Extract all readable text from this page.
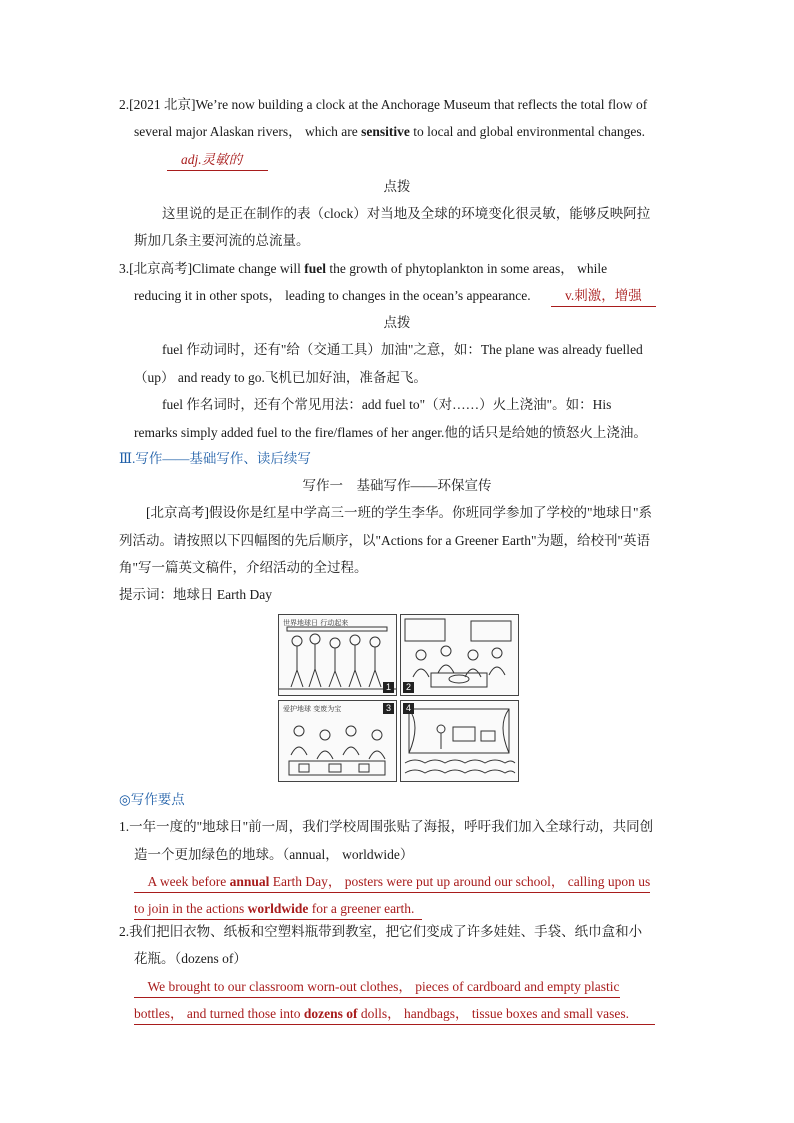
2.[2021 北京]We’re now building a clock at the Anchorage Museum that reflects the total flow of
several major Alaskan rivers， which are sensitive to local and global environmental changes.
adj.灵敏的
点拨
这里说的是正在制作的表（clock）对当地及全球的环境变化很灵敏，能够反映阿拉
斯加几条主要河流的总流量。
3.[北京高考]Climate change will fuel the growth of phytoplankton in some areas， while
reducing it in other spots， leading to changes in the ocean’s appearance.	v.刺激，增强
点拨
fuel 作动词时，还有"给（交通工具）加油"之意，如：The plane was already fuelled
（up） and ready to go.飞机已加好油，准备起飞。
fuel 作名词时，还有个常见用法：add fuel to"（对……）火上浇油"。如：His
remarks simply added fuel to the fire/flames of her anger.他的话只是给她的愤怒火上浇油。
Ⅲ.写作——基础写作、读后续写
写作一　基础写作——环保宣传
[北京高考]假设你是红星中学高三一班的学生李华。你班同学参加了学校的"地球日"系
列活动。请按照以下四幅图的先后顺序，以"Actions for a Greener Earth"为题，给校刊"英语
角"写一篇英文稿件，介绍活动的全过程。
提示词：地球日 Earth Day
世界地球日 行动起来
1	2
爱护地球 变废为宝	3	4
◎写作要点
1.一年一度的"地球日"前一周，我们学校周围张贴了海报，呼吁我们加入全球行动，共同创
造一个更加绿色的地球。（annual， worldwide）
　A week before annual Earth Day， posters were put up around our school， calling upon us
to join in the actions worldwide for a greener earth.
2.我们把旧衣物、纸板和空塑料瓶带到教室，把它们变成了许多娃娃、手袋、纸巾盒和小
花瓶。（dozens of）
　We brought to our classroom worn-out clothes， pieces of cardboard and empty plastic
bottles， and turned those into dozens of dolls， handbags， tissue boxes and small vases.
